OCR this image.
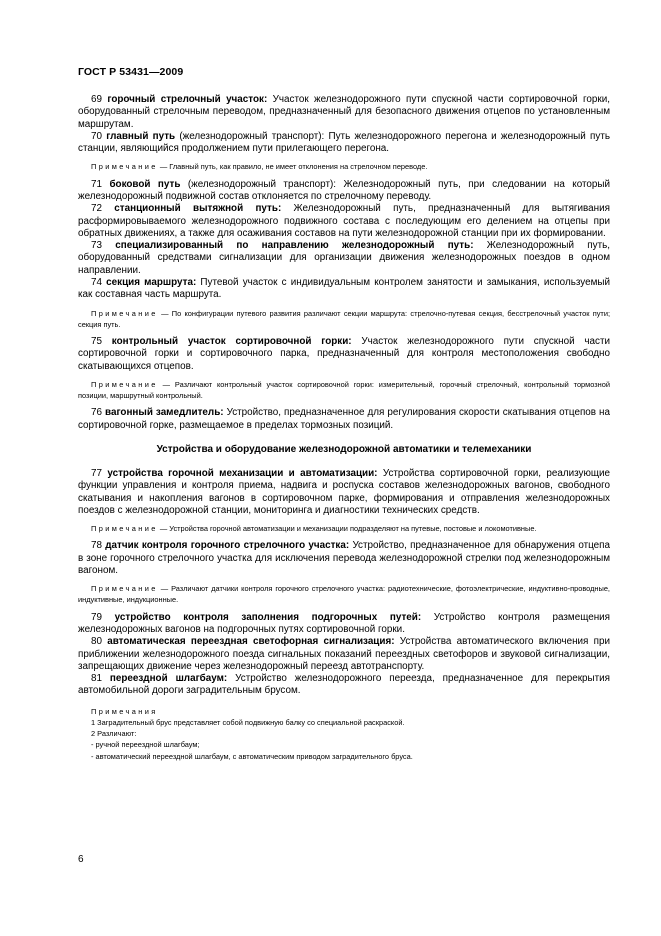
ГОСТ Р 53431—2009

69 горочный стрелочный участок: Участок железнодорожного пути спускной части сортировочной горки, оборудованный стрелочным переводом, предназначенный для безопасного движения отцепов по установленным маршрутам.

70 главный путь (железнодорожный транспорт): Путь железнодорожного перегона и железнодорожный путь станции, являющийся продолжением пути прилегающего перегона.

Примечание — Главный путь, как правило, не имеет отклонения на стрелочном переводе.

71 боковой путь (железнодорожный транспорт): Железнодорожный путь, при следовании на который железнодорожный подвижной состав отклоняется по стрелочному переводу.

72 станционный вытяжной путь: Железнодорожный путь, предназначенный для вытягивания расформировываемого железнодорожного подвижного состава с последующим его делением на отцепы при обратных движениях, а также для осаживания составов на пути железнодорожной станции при их формировании.

73 специализированный по направлению железнодорожный путь: Железнодорожный путь, оборудованный средствами сигнализации для организации движения железнодорожных поездов в одном направлении.

74 секция маршрута: Путевой участок с индивидуальным контролем занятости и замыкания, используемый как составная часть маршрута.

Примечание — По конфигурации путевого развития различают секции маршрута: стрелочно-путевая секция, бесстрелочный участок пути; секция путь.

75 контрольный участок сортировочной горки: Участок железнодорожного пути спускной части сортировочной горки и сортировочного парка, предназначенный для контроля местоположения свободно скатывающихся отцепов.

Примечание — Различают контрольный участок сортировочной горки: измерительный, горочный стрелочный, контрольный тормозной позиции, маршрутный контрольный.

76 вагонный замедлитель: Устройство, предназначенное для регулирования скорости скатывания отцепов на сортировочной горке, размещаемое в пределах тормозных позиций.

Устройства и оборудование железнодорожной автоматики и телемеханики

77 устройства горочной механизации и автоматизации: Устройства сортировочной горки, реализующие функции управления и контроля приема, надвига и роспуска составов железнодорожных вагонов, свободного скатывания и накопления вагонов в сортировочном парке, формирования и отправления железнодорожных поездов с железнодорожной станции, мониторинга и диагностики технических средств.

Примечание — Устройства горочной автоматизации и механизации подразделяют на путевые, постовые и локомотивные.

78 датчик контроля горочного стрелочного участка: Устройство, предназначенное для обнаружения отцепа в зоне горочного стрелочного участка для исключения перевода железнодорожной стрелки под железнодорожным вагоном.

Примечание — Различают датчики контроля горочного стрелочного участка: радиотехнические, фотоэлектрические, индуктивно-проводные, индуктивные, индукционные.

79 устройство контроля заполнения подгорочных путей: Устройство контроля размещения железнодорожных вагонов на подгорочных путях сортировочной горки.

80 автоматическая переездная светофорная сигнализация: Устройства автоматического включения при приближении железнодорожного поезда сигнальных показаний переездных светофоров и звуковой сигнализации, запрещающих движение через железнодорожный переезд автотранспорту.

81 переездной шлагбаум: Устройство железнодорожного переезда, предназначенное для перекрытия автомобильной дороги заградительным брусом.

Примечания
1 Заградительный брус представляет собой подвижную балку со специальной раскраской.
2 Различают:
- ручной переездной шлагбаум;
- автоматический переездной шлагбаум, с автоматическим приводом заградительного бруса.
6
